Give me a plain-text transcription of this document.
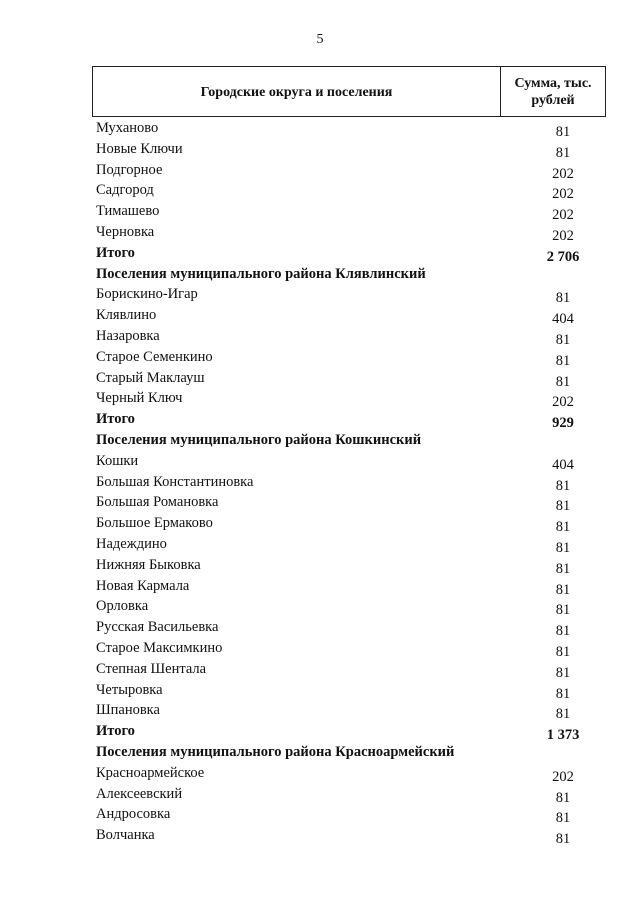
5
Городские округа и поселения
Сумма, тыс.
рублей
Муханово	81
Новые Ключи	81
Подгорное	202
Садгород	202
Тимашево	202
Черновка	202
Итого	2 706
Поселения муниципального района Клявлинский
Борискино-Игар	81
Клявлино	404
Назаровка	81
Старое Семенкино	81
Старый Маклауш	81
Черный Ключ	202
Итого	929
Поселения муниципального района Кошкинский
Кошки	404
Большая Константиновка	81
Большая Романовка	81
Большое Ермаково	81
Надеждино	81
Нижняя Быковка	81
Новая Кармала	81
Орловка	81
Русская Васильевка	81
Старое Максимкино	81
Степная Шентала	81
Четыровка	81
Шпановка	81
Итого	1 373
Поселения муниципального района Красноармейский
Красноармейское	202
Алексеевский	81
Андросовка	81
Волчанка	81
